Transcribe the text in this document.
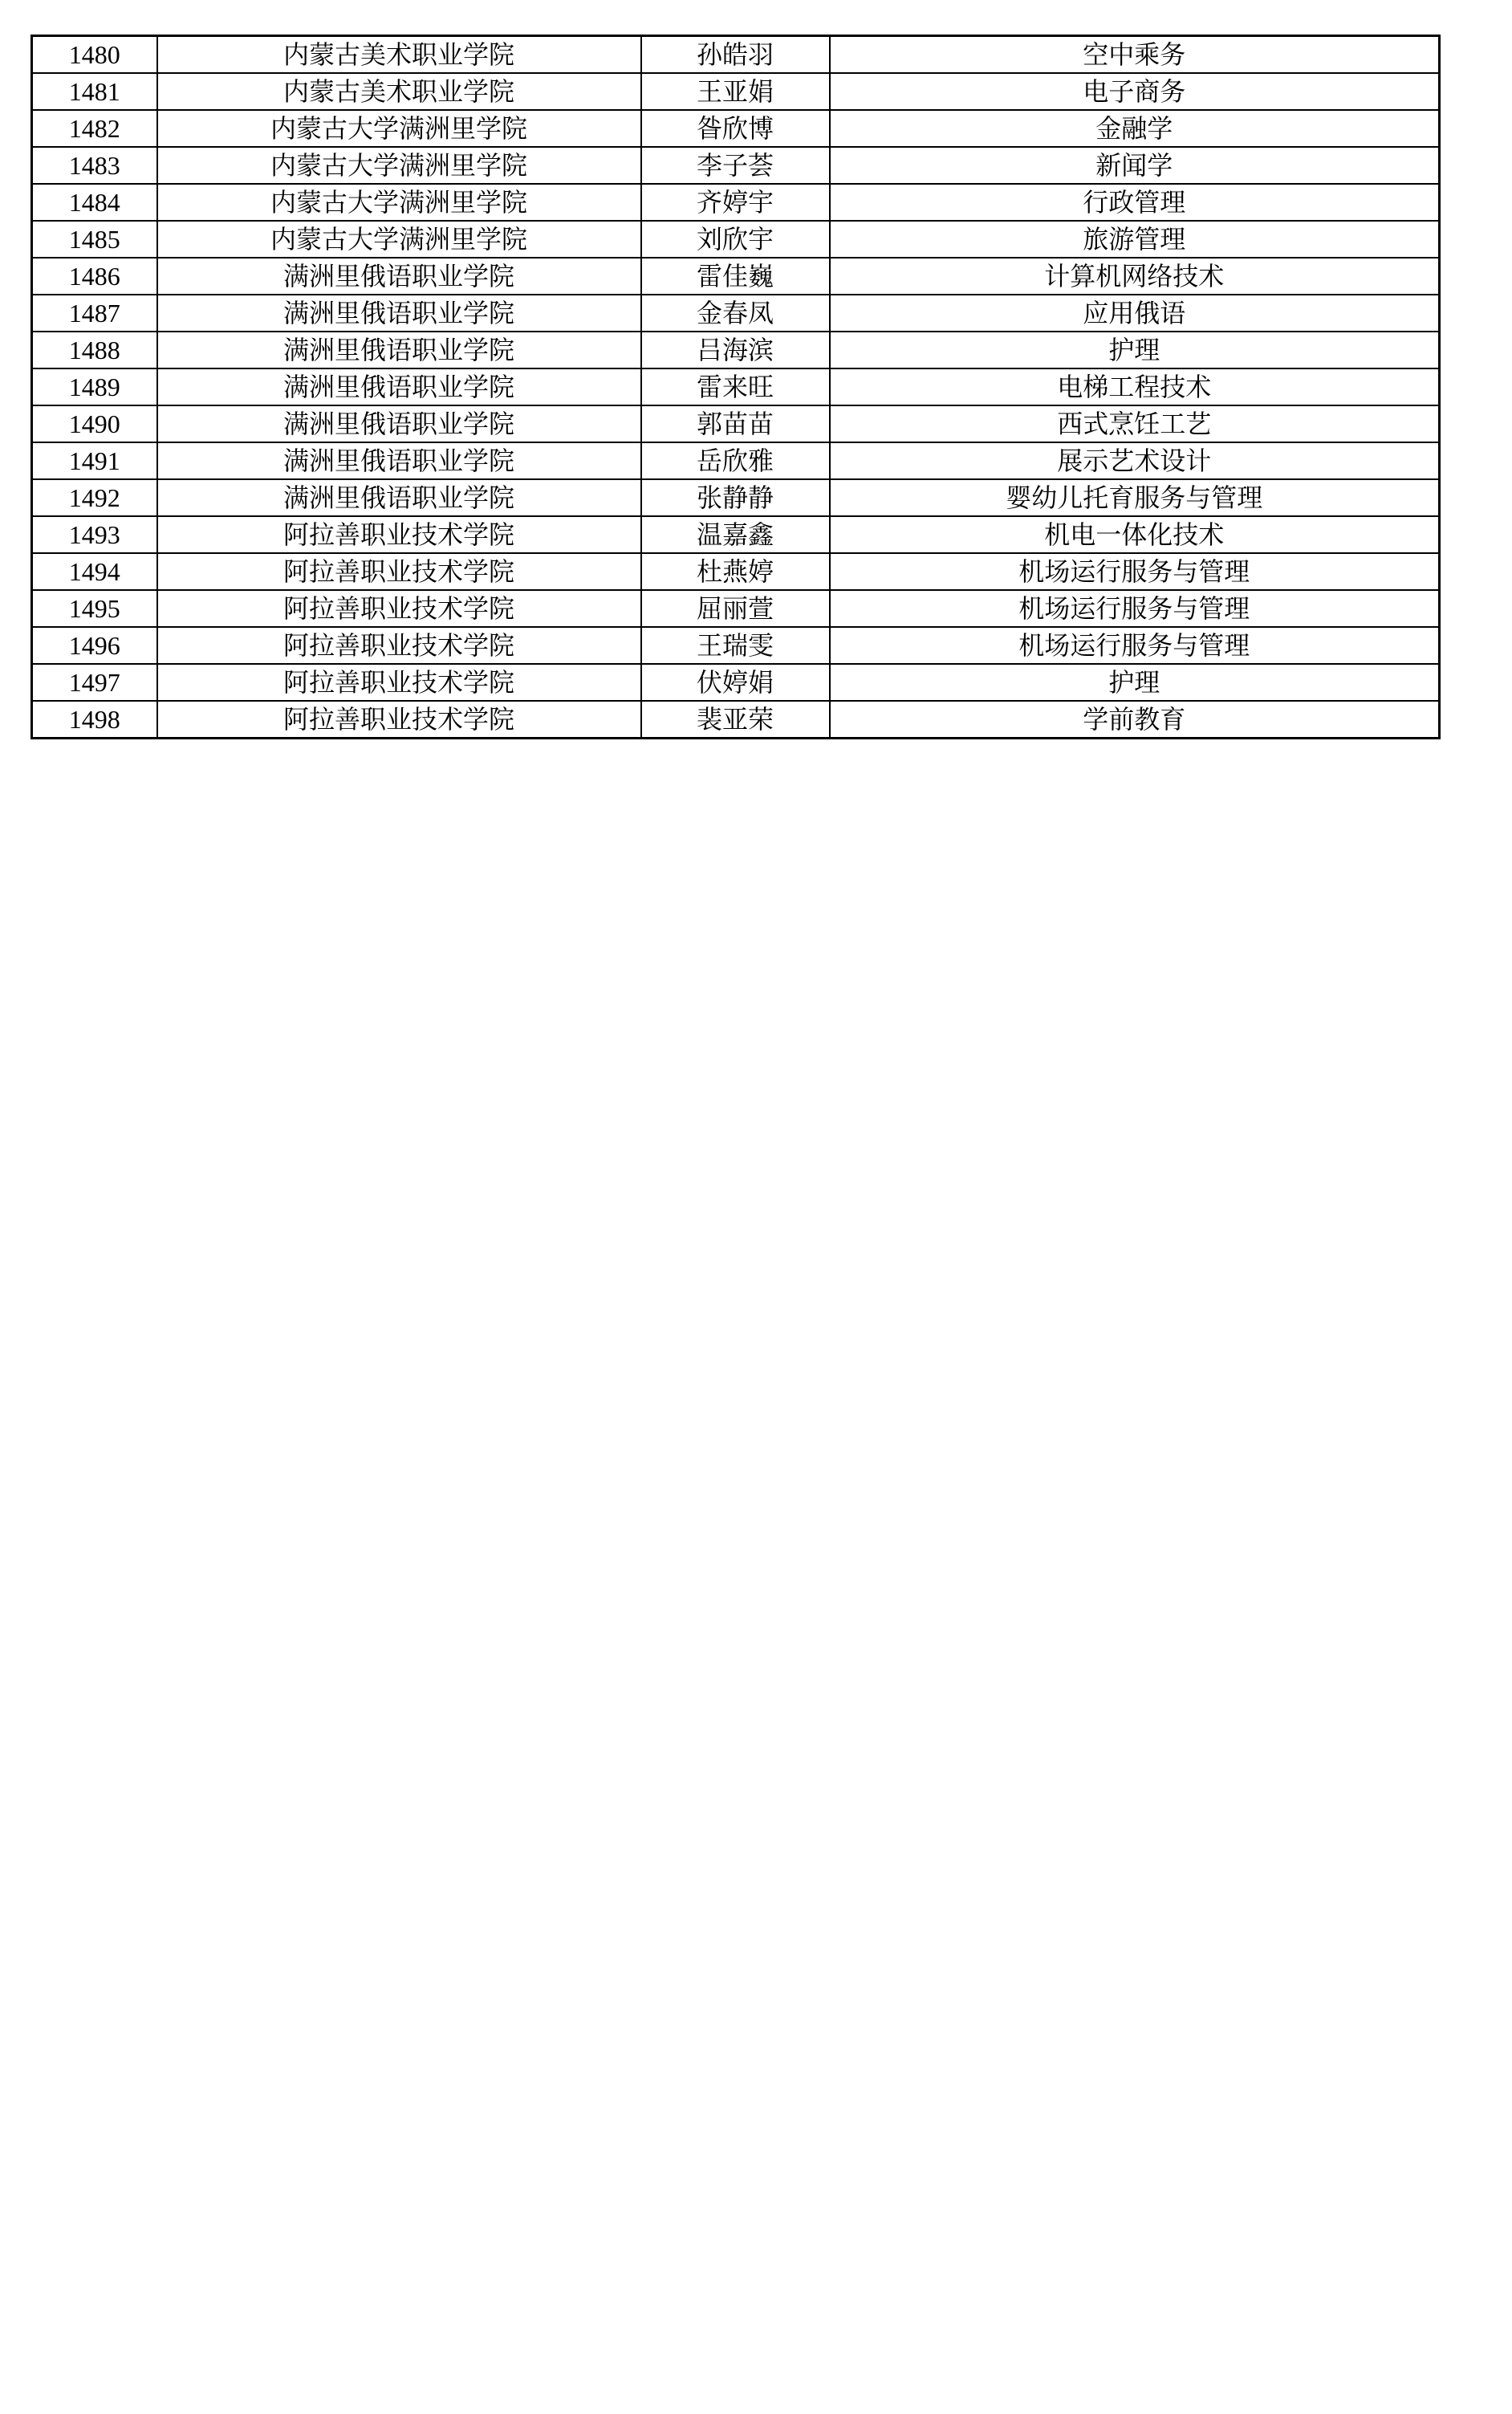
1480	内蒙古美术职业学院	孙皓羽	空中乘务
1481	内蒙古美术职业学院	王亚娟	电子商务
1482	内蒙古大学满洲里学院	昝欣博	金融学
1483	内蒙古大学满洲里学院	李子荟	新闻学
1484	内蒙古大学满洲里学院	齐婷宇	行政管理
1485	内蒙古大学满洲里学院	刘欣宇	旅游管理
1486	满洲里俄语职业学院	雷佳巍	计算机网络技术
1487	满洲里俄语职业学院	金春凤	应用俄语
1488	满洲里俄语职业学院	吕海滨	护理
1489	满洲里俄语职业学院	雷来旺	电梯工程技术
1490	满洲里俄语职业学院	郭苗苗	西式烹饪工艺
1491	满洲里俄语职业学院	岳欣雅	展示艺术设计
1492	满洲里俄语职业学院	张静静	婴幼儿托育服务与管理
1493	阿拉善职业技术学院	温嘉鑫	机电一体化技术
1494	阿拉善职业技术学院	杜燕婷	机场运行服务与管理
1495	阿拉善职业技术学院	屈丽萱	机场运行服务与管理
1496	阿拉善职业技术学院	王瑞雯	机场运行服务与管理
1497	阿拉善职业技术学院	伏婷娟	护理
1498	阿拉善职业技术学院	裴亚荣	学前教育
